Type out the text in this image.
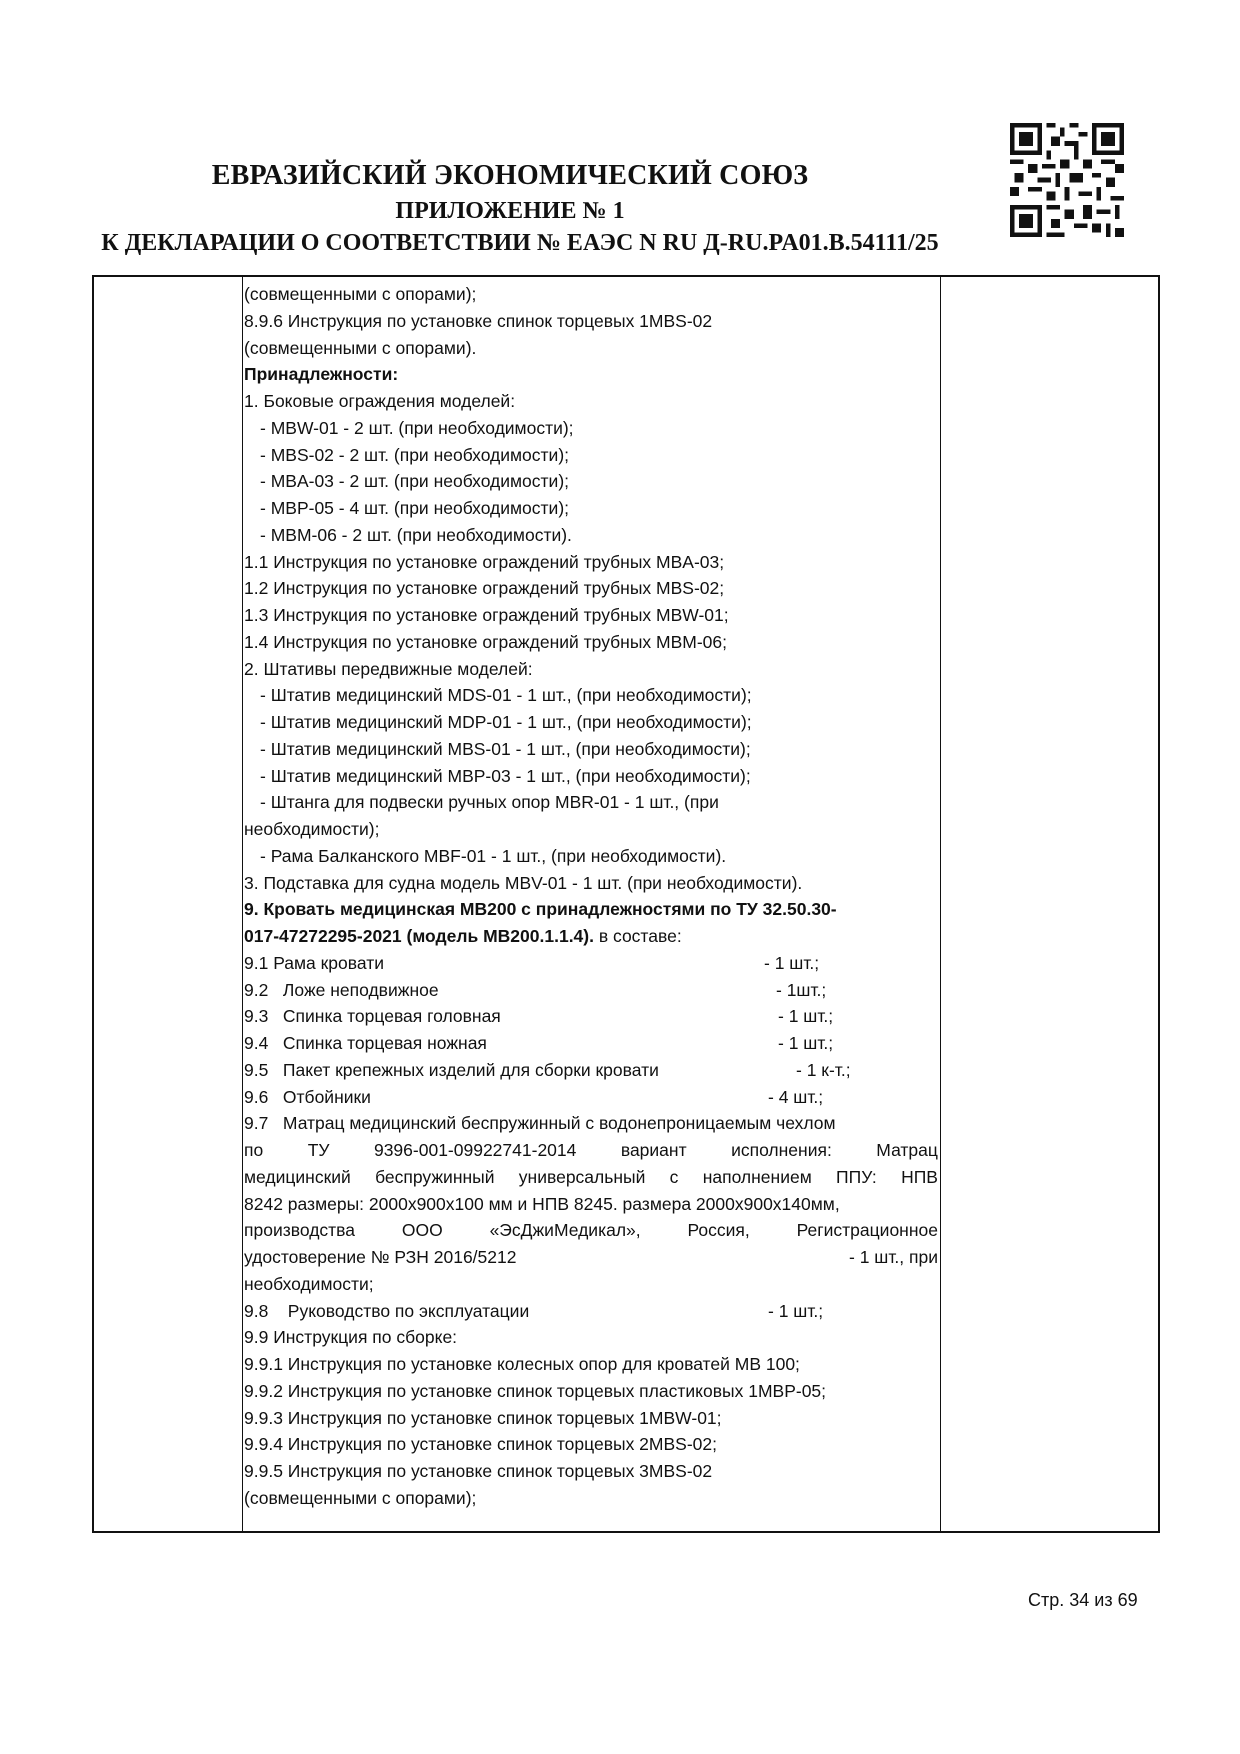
ЕВРАЗИЙСКИЙ ЭКОНОМИЧЕСКИЙ СОЮЗ
ПРИЛОЖЕНИЕ № 1
К ДЕКЛАРАЦИИ О СООТВЕТСТВИИ № ЕАЭС N RU Д-RU.PA01.B.54111/25
(совмещенными с опорами);
8.9.6 Инструкция по установке спинок торцевых 1MBS-02
(совмещенными с опорами).
Принадлежности:
1. Боковые ограждения моделей:
- MBW-01 - 2 шт. (при необходимости);
- MBS-02 - 2 шт. (при необходимости);
- MBA-03 - 2 шт. (при необходимости);
- MBP-05 - 4 шт. (при необходимости);
- MBM-06 - 2 шт. (при необходимости).
1.1 Инструкция по установке ограждений трубных MBA-03;
1.2 Инструкция по установке ограждений трубных MBS-02;
1.3 Инструкция по установке ограждений трубных MBW-01;
1.4 Инструкция по установке ограждений трубных MBM-06;
2. Штативы передвижные моделей:
- Штатив медицинский MDS-01 - 1 шт., (при необходимости);
- Штатив медицинский MDP-01 - 1 шт., (при необходимости);
- Штатив медицинский MBS-01 - 1 шт., (при необходимости);
- Штатив медицинский MBP-03 - 1 шт., (при необходимости);
- Штанга для подвески ручных опор MBR-01 - 1 шт., (при
необходимости);
- Рама Балканского MBF-01 - 1 шт., (при необходимости).
3. Подставка для судна модель MBV-01 - 1 шт. (при необходимости).
9. Кровать медицинская МВ200 с принадлежностями по ТУ 32.50.30-
017-47272295-2021 (модель МВ200.1.1.4). в составе:
9.1 Рама кровати	- 1 шт.;
9.2 Ложе неподвижное	- 1шт.;
9.3 Спинка торцевая головная	- 1 шт.;
9.4 Спинка торцевая ножная	- 1 шт.;
9.5 Пакет крепежных изделий для сборки кровати	- 1 к-т.;
9.6 Отбойники	- 4 шт.;
9.7   Матрац медицинский беспружинный с водонепроницаемым чехлом
по	ТУ	9396-001-09922741-2014	вариант	исполнения:	Матрац
медицинский беспружинный универсальный с наполнением ППУ: НПВ
8242 размеры: 2000х900х100 мм и НПВ 8245. размера 2000х900х140мм,
производства	ООО	«ЭсДжиМедикал»,	Россия,	Регистрационное
удостоверение № РЗН 2016/5212	- 1 шт., при
необходимости;
9.8 Руководство по эксплуатации	- 1 шт.;
9.9 Инструкция по сборке:
9.9.1 Инструкция по установке колесных опор для кроватей МВ 100;
9.9.2 Инструкция по установке спинок торцевых пластиковых 1MBP-05;
9.9.3 Инструкция по установке спинок торцевых 1MBW-01;
9.9.4 Инструкция по установке спинок торцевых 2MBS-02;
9.9.5 Инструкция по установке спинок торцевых 3MBS-02
(совмещенными с опорами);
Стр. 34 из 69
